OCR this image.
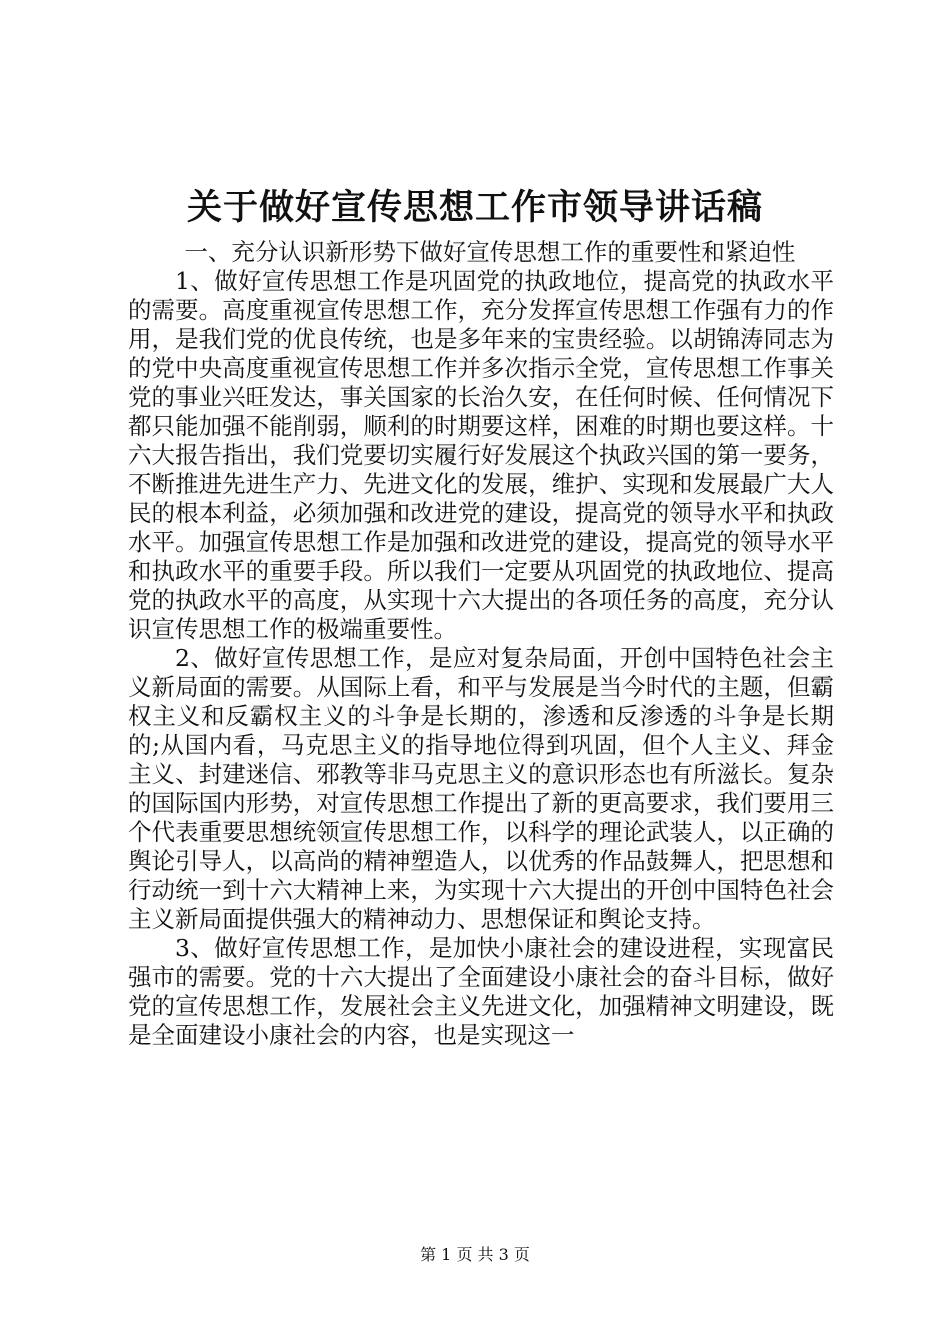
关于做好宣传思想工作市领导讲话稿

一、充分认识新形势下做好宣传思想工作的重要性和紧迫性

1、做好宣传思想工作是巩固党的执政地位，提高党的执政水平的需要。高度重视宣传思想工作，充分发挥宣传思想工作强有力的作用，是我们党的优良传统，也是多年来的宝贵经验。以胡锦涛同志为的党中央高度重视宣传思想工作并多次指示全党，宣传思想工作事关党的事业兴旺发达，事关国家的长治久安，在任何时候、任何情况下都只能加强不能削弱，顺利的时期要这样，困难的时期也要这样。十六大报告指出，我们党要切实履行好发展这个执政兴国的第一要务，不断推进先进生产力、先进文化的发展，维护、实现和发展最广大人民的根本利益，必须加强和改进党的建设，提高党的领导水平和执政水平。加强宣传思想工作是加强和改进党的建设，提高党的领导水平和执政水平的重要手段。所以我们一定要从巩固党的执政地位、提高党的执政水平的高度，从实现十六大提出的各项任务的高度，充分认识宣传思想工作的极端重要性。

2、做好宣传思想工作，是应对复杂局面，开创中国特色社会主义新局面的需要。从国际上看，和平与发展是当今时代的主题，但霸权主义和反霸权主义的斗争是长期的，渗透和反渗透的斗争是长期的;从国内看，马克思主义的指导地位得到巩固，但个人主义、拜金主义、封建迷信、邪教等非马克思主义的意识形态也有所滋长。复杂的国际国内形势，对宣传思想工作提出了新的更高要求，我们要用三个代表重要思想统领宣传思想工作，以科学的理论武装人，以正确的舆论引导人，以高尚的精神塑造人，以优秀的作品鼓舞人，把思想和行动统一到十六大精神上来，为实现十六大提出的开创中国特色社会主义新局面提供强大的精神动力、思想保证和舆论支持。

3、做好宣传思想工作，是加快小康社会的建设进程，实现富民强市的需要。党的十六大提出了全面建设小康社会的奋斗目标，做好党的宣传思想工作，发展社会主义先进文化，加强精神文明建设，既是全面建设小康社会的内容，也是实现这一

第 1 页 共 3 页
